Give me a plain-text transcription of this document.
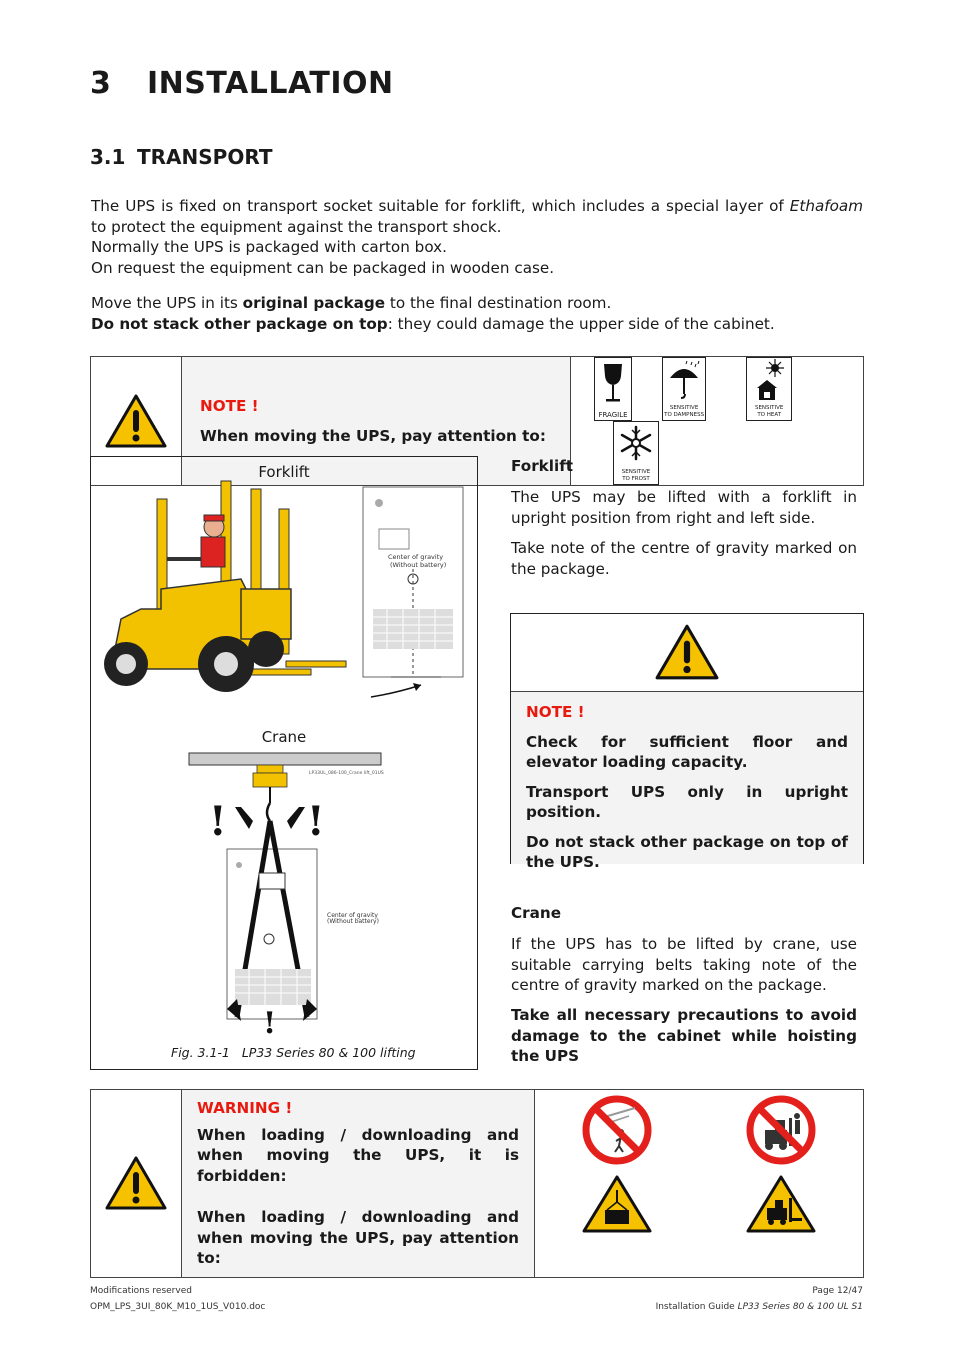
3 INSTALLATION
3.1 TRANSPORT

The UPS is fixed on transport socket suitable for forklift, which includes a special layer of Ethafoam to protect the equipment against the transport shock.

Normally the UPS is packaged with carton box.

On request the equipment can be packaged in wooden case.

Move the UPS in its original package to the final destination room.

Do not stack other package on top: they could damage the upper side of the cabinet.

NOTE !
When moving the UPS, pay attention to:

FRAGILE

SENSITIVE
TO DAMPNESS

SENSITIVE
TO HEAT

SENSITIVE
TO FROST
Forklift
Center of gravity
(Without battery)
Crane
LP33UL_086-100_Crane lift_01US
! !
Center of gravity
(Without battery)
!
Fig. 3.1-1 LP33 Series 80 & 100 lifting
Forklift

The UPS may be lifted with a forklift in upright position from right and left side.

Take note of the centre of gravity marked on the package.

NOTE !

Check for sufficient floor and elevator loading capacity.

Transport UPS only in upright position.

Do not stack other package on top of the UPS.

Crane

If the UPS has to be lifted by crane, use suitable carrying belts taking note of the centre of gravity marked on the package.

Take all necessary precautions to avoid damage to the cabinet while hoisting the UPS

WARNING !
When loading / downloading and when moving the UPS, it is forbidden:
When loading / downloading and when moving the UPS, pay attention to:

Modifications reserved
OPM_LPS_3UI_80K_M10_1US_V010.doc
Page 12/47
Installation Guide LP33 Series 80 & 100 UL S1
